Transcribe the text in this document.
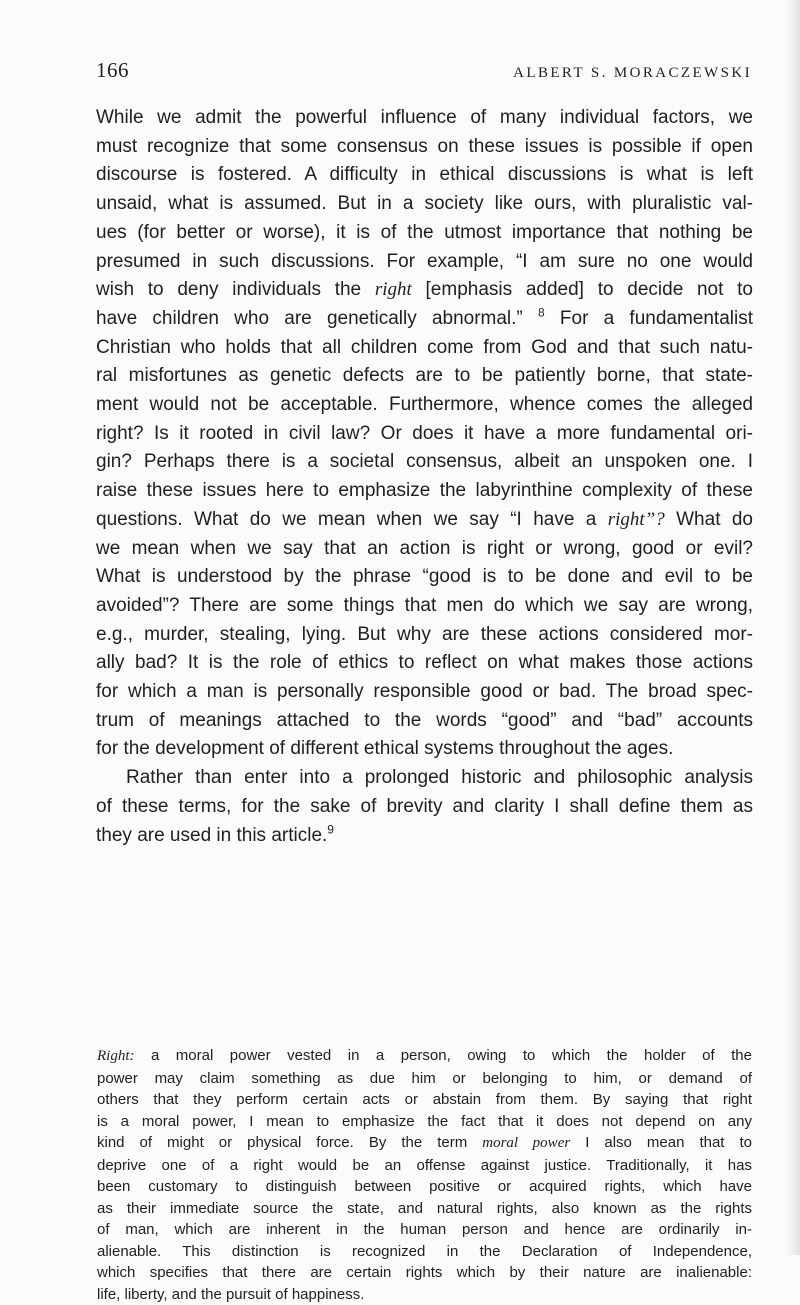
166	ALBERT S. MORACZEWSKI
While we admit the powerful influence of many individual factors, we
must recognize that some consensus on these issues is possible if open
discourse is fostered. A difficulty in ethical discussions is what is left
unsaid, what is assumed. But in a society like ours, with pluralistic val-
ues (for better or worse), it is of the utmost importance that nothing be
presumed in such discussions. For example, “I am sure no one would
wish to deny individuals the right [emphasis added] to decide not to
have children who are genetically abnormal.” $^8$ For a fundamentalist
Christian who holds that all children come from God and that such natu-
ral misfortunes as genetic defects are to be patiently borne, that state-
ment would not be acceptable. Furthermore, whence comes the alleged
right? Is it rooted in civil law? Or does it have a more fundamental ori-
gin? Perhaps there is a societal consensus, albeit an unspoken one. I
raise these issues here to emphasize the labyrinthine complexity of these
questions. What do we mean when we say “I have a right”? What do
we mean when we say that an action is right or wrong, good or evil?
What is understood by the phrase “good is to be done and evil to be
avoided”? There are some things that men do which we say are wrong,
e.g., murder, stealing, lying. But why are these actions considered mor-
ally bad? It is the role of ethics to reflect on what makes those actions
for which a man is personally responsible good or bad. The broad spec-
trum of meanings attached to the words “good” and “bad” accounts
for the development of different ethical systems throughout the ages.
Rather than enter into a prolonged historic and philosophic analysis
of these terms, for the sake of brevity and clarity I shall define them as
they are used in this article.$^9$
Right: a moral power vested in a person, owing to which the holder of the
power may claim something as due him or belonging to him, or demand of
others that they perform certain acts or abstain from them. By saying that right
is a moral power, I mean to emphasize the fact that it does not depend on any
kind of might or physical force. By the term moral power I also mean that to
deprive one of a right would be an offense against justice. Traditionally, it has
been customary to distinguish between positive or acquired rights, which have
as their immediate source the state, and natural rights, also known as the rights
of man, which are inherent in the human person and hence are ordinarily in-
alienable. This distinction is recognized in the Declaration of Independence,
which specifies that there are certain rights which by their nature are inalienable:
life, liberty, and the pursuit of happiness.
